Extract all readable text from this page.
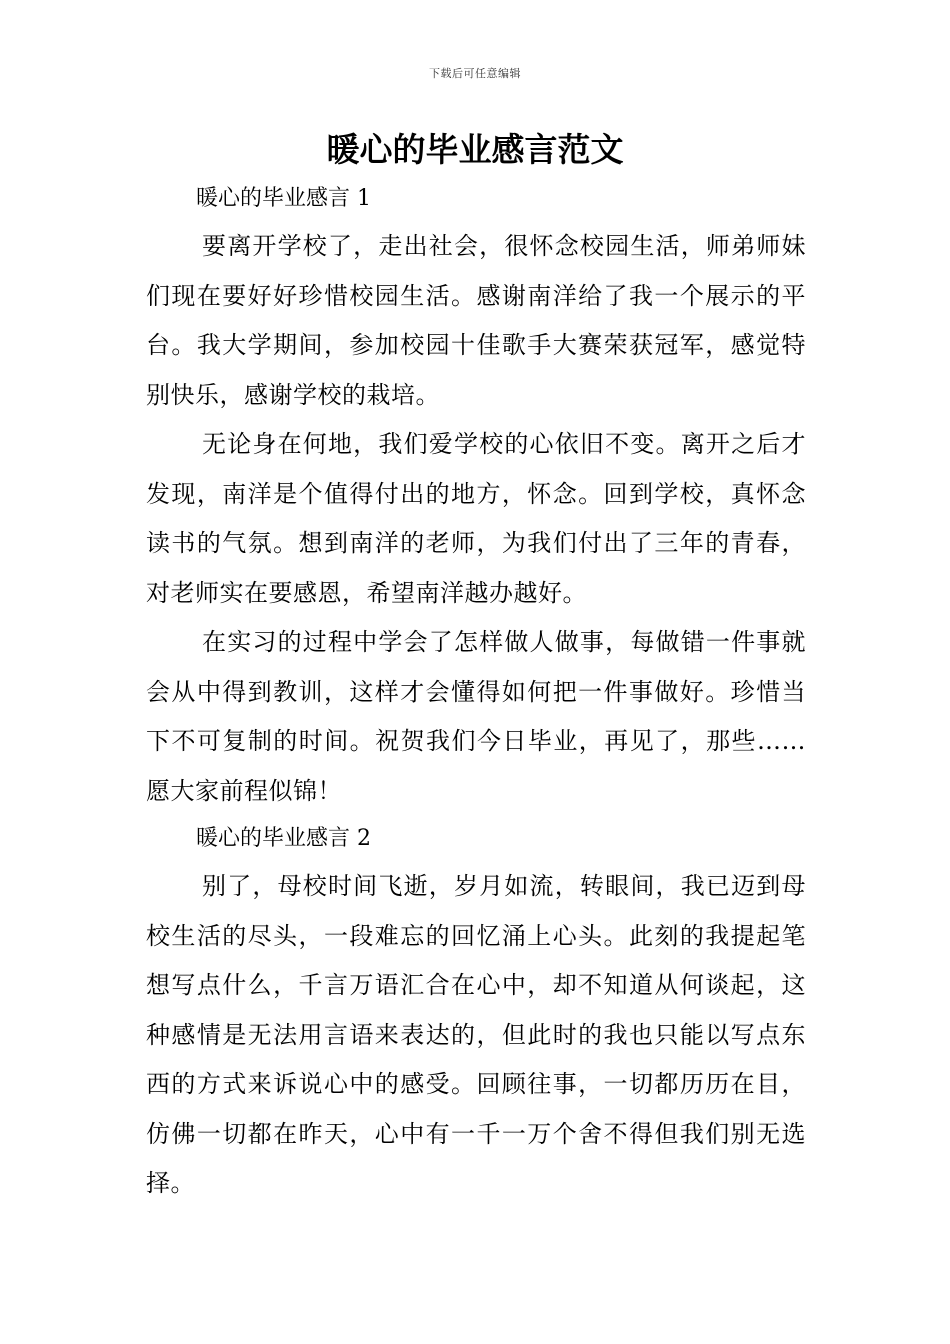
下载后可任意编辑
暖心的毕业感言范文

暖心的毕业感言 1

要离开学校了，走出社会，很怀念校园生活，师弟师妹们现在要好好珍惜校园生活。感谢南洋给了我一个展示的平台。我大学期间，参加校园十佳歌手大赛荣获冠军，感觉特别快乐，感谢学校的栽培。

无论身在何地，我们爱学校的心依旧不变。离开之后才发现，南洋是个值得付出的地方，怀念。回到学校，真怀念读书的气氛。想到南洋的老师，为我们付出了三年的青春，对老师实在要感恩，希望南洋越办越好。

在实习的过程中学会了怎样做人做事，每做错一件事就会从中得到教训，这样才会懂得如何把一件事做好。珍惜当下不可复制的时间。祝贺我们今日毕业，再见了，那些……愿大家前程似锦！

暖心的毕业感言 2

别了，母校时间飞逝，岁月如流，转眼间，我已迈到母校生活的尽头，一段难忘的回忆涌上心头。此刻的我提起笔想写点什么，千言万语汇合在心中，却不知道从何谈起，这种感情是无法用言语来表达的，但此时的我也只能以写点东西的方式来诉说心中的感受。回顾往事，一切都历历在目，仿佛一切都在昨天，心中有一千一万个舍不得但我们别无选择。
